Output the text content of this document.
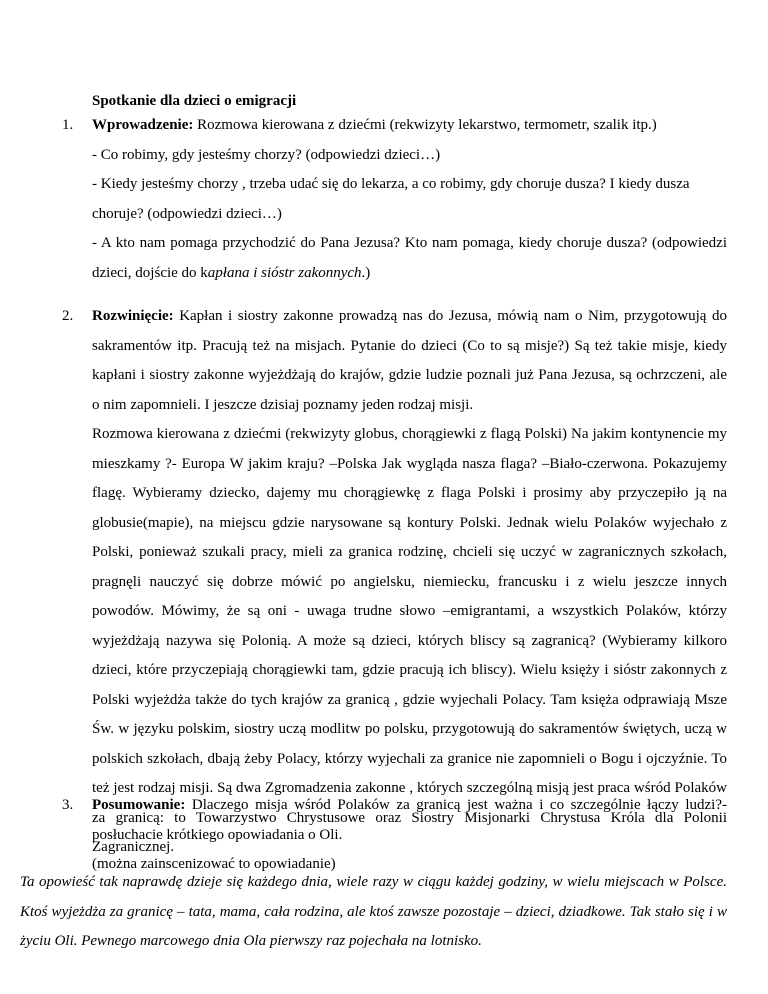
Spotkanie dla dzieci o emigracji
1. Wprowadzenie: Rozmowa kierowana z dziećmi (rekwizyty lekarstwo, termometr, szalik itp.)

- Co robimy, gdy jesteśmy chorzy? (odpowiedzi dzieci…)

- Kiedy jesteśmy chorzy , trzeba udać się do lekarza, a co robimy, gdy choruje dusza? I kiedy dusza choruje? (odpowiedzi dzieci…)

- A kto nam pomaga przychodzić do Pana Jezusa? Kto nam pomaga, kiedy choruje dusza? (odpowiedzi dzieci, dojście do kapłana i sióstr zakonnych.)

2. Rozwinięcie: Kapłan i siostry zakonne prowadzą nas do Jezusa, mówią nam o Nim, przygotowują do sakramentów itp. Pracują też na misjach. Pytanie do dzieci (Co to są misje?) Są też takie misje, kiedy kapłani i siostry zakonne wyjeżdżają do krajów, gdzie ludzie poznali już Pana Jezusa, są ochrzczeni, ale o nim zapomnieli. I jeszcze dzisiaj poznamy jeden rodzaj misji.

Rozmowa kierowana z dziećmi (rekwizyty globus, chorągiewki z flagą Polski) Na jakim kontynencie my mieszkamy ?- Europa W jakim kraju? –Polska Jak wygląda nasza flaga? –Biało-czerwona. Pokazujemy flagę. Wybieramy dziecko, dajemy mu chorągiewkę z flaga Polski i prosimy aby przyczepiło ją na globusie(mapie), na miejscu gdzie narysowane są kontury Polski. Jednak wielu Polaków wyjechało z Polski, ponieważ szukali pracy, mieli za granica rodzinę, chcieli się uczyć w zagranicznych szkołach, pragnęli nauczyć się dobrze mówić po angielsku, niemiecku, francusku i z wielu jeszcze innych powodów. Mówimy, że są oni - uwaga trudne słowo –emigrantami, a wszystkich Polaków, którzy wyjeżdżają nazywa się Polonią. A może są dzieci, których bliscy są zagranicą? (Wybieramy kilkoro dzieci, które przyczepiają chorągiewki tam, gdzie pracują ich bliscy). Wielu księży i sióstr zakonnych z Polski wyjeżdża także do tych krajów za granicą , gdzie wyjechali Polacy. Tam księża odprawiają Msze Św. w języku polskim, siostry uczą modlitw po polsku, przygotowują do sakramentów świętych, uczą w polskich szkołach, dbają żeby Polacy, którzy wyjechali za granice nie zapomnieli o Bogu i ojczyźnie. To też jest rodzaj misji. Są dwa Zgromadzenia zakonne , których szczególną misją jest praca wśród Polaków za granicą: to Towarzystwo Chrystusowe oraz Siostry Misjonarki Chrystusa Króla dla Polonii Zagranicznej.

3. Posumowanie: Dlaczego misja wśród Polaków za granicą jest ważna i co szczególnie łączy ludzi?- posłuchacie krótkiego opowiadania o Oli.

(można zainscenizować to opowiadanie)

Ta opowieść tak naprawdę dzieje się każdego dnia, wiele razy w ciągu każdej godziny, w wielu miejscach w Polsce. Ktoś wyjeżdża za granicę – tata, mama, cała rodzina, ale ktoś zawsze pozostaje – dzieci, dziadkowe. Tak stało się i w życiu Oli. Pewnego marcowego dnia Ola pierwszy raz pojechała na lotnisko.
